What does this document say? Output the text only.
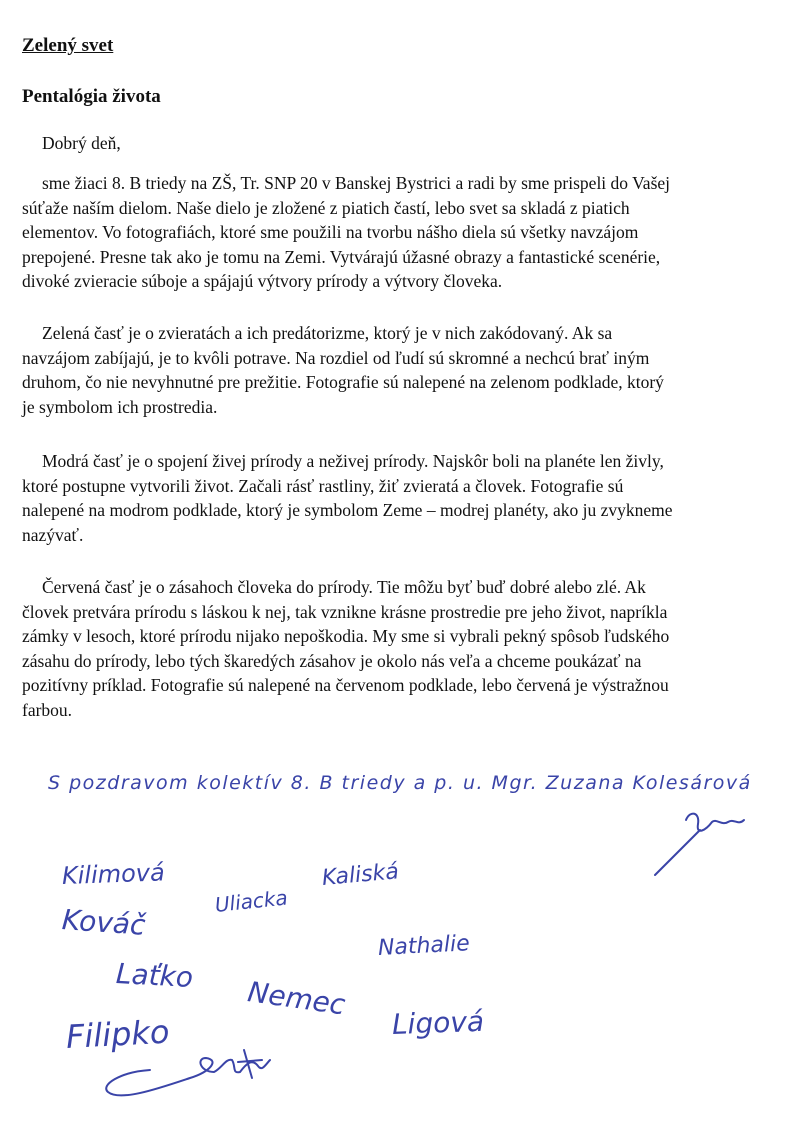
Zelený svet
Pentalógia života

Dobrý deň,

sme žiaci 8. B triedy na ZŠ, Tr. SNP 20 v Banskej Bystrici a radi by sme prispeli do Vašej
súťaže naším dielom. Naše dielo je zložené z piatich častí, lebo svet sa skladá z piatich
elementov. Vo fotografiách, ktoré sme použili na tvorbu nášho diela sú všetky navzájom
prepojené. Presne tak ako je tomu na Zemi. Vytvárajú úžasné obrazy a fantastické scenérie,
divoké zvieracie súboje a spájajú výtvory prírody a výtvory človeka.
Zelená časť je o zvieratách a ich predátorizme, ktorý je v nich zakódovaný. Ak sa
navzájom zabíjajú, je to kvôli potrave. Na rozdiel od ľudí sú skromné a nechcú brať iným
druhom, čo nie nevyhnutné pre prežitie. Fotografie sú nalepené na zelenom podklade, ktorý
je symbolom ich prostredia.
Modrá časť je o spojení živej prírody a neživej prírody. Najskôr boli na planéte len živly,
ktoré postupne vytvorili život. Začali rásť rastliny, žiť zvieratá a človek. Fotografie sú
nalepené na modrom podklade, ktorý je symbolom Zeme – modrej planéty, ako ju zvykneme
nazývať.
Červená časť je o zásahoch človeka do prírody. Tie môžu byť buď dobré alebo zlé. Ak
človek pretvára prírodu s láskou k nej, tak vznikne krásne prostredie pre jeho život, napríkla
zámky v lesoch, ktoré prírodu nijako nepoškodia. My sme si vybrali pekný spôsob ľudského
zásahu do prírody, lebo tých škaredých zásahov je okolo nás veľa a chceme poukázať na
pozitívny príklad. Fotografie sú nalepené na červenom podklade, lebo červená je výstražnou
farbou.

S pozdravom kolektív 8. B triedy a p. u. Mgr. Zuzana Kolesárová

Kilimová	Kaliská
Uliacka
Kováč
Nathalie
Laťko Nemec
Filipko	Ligová
